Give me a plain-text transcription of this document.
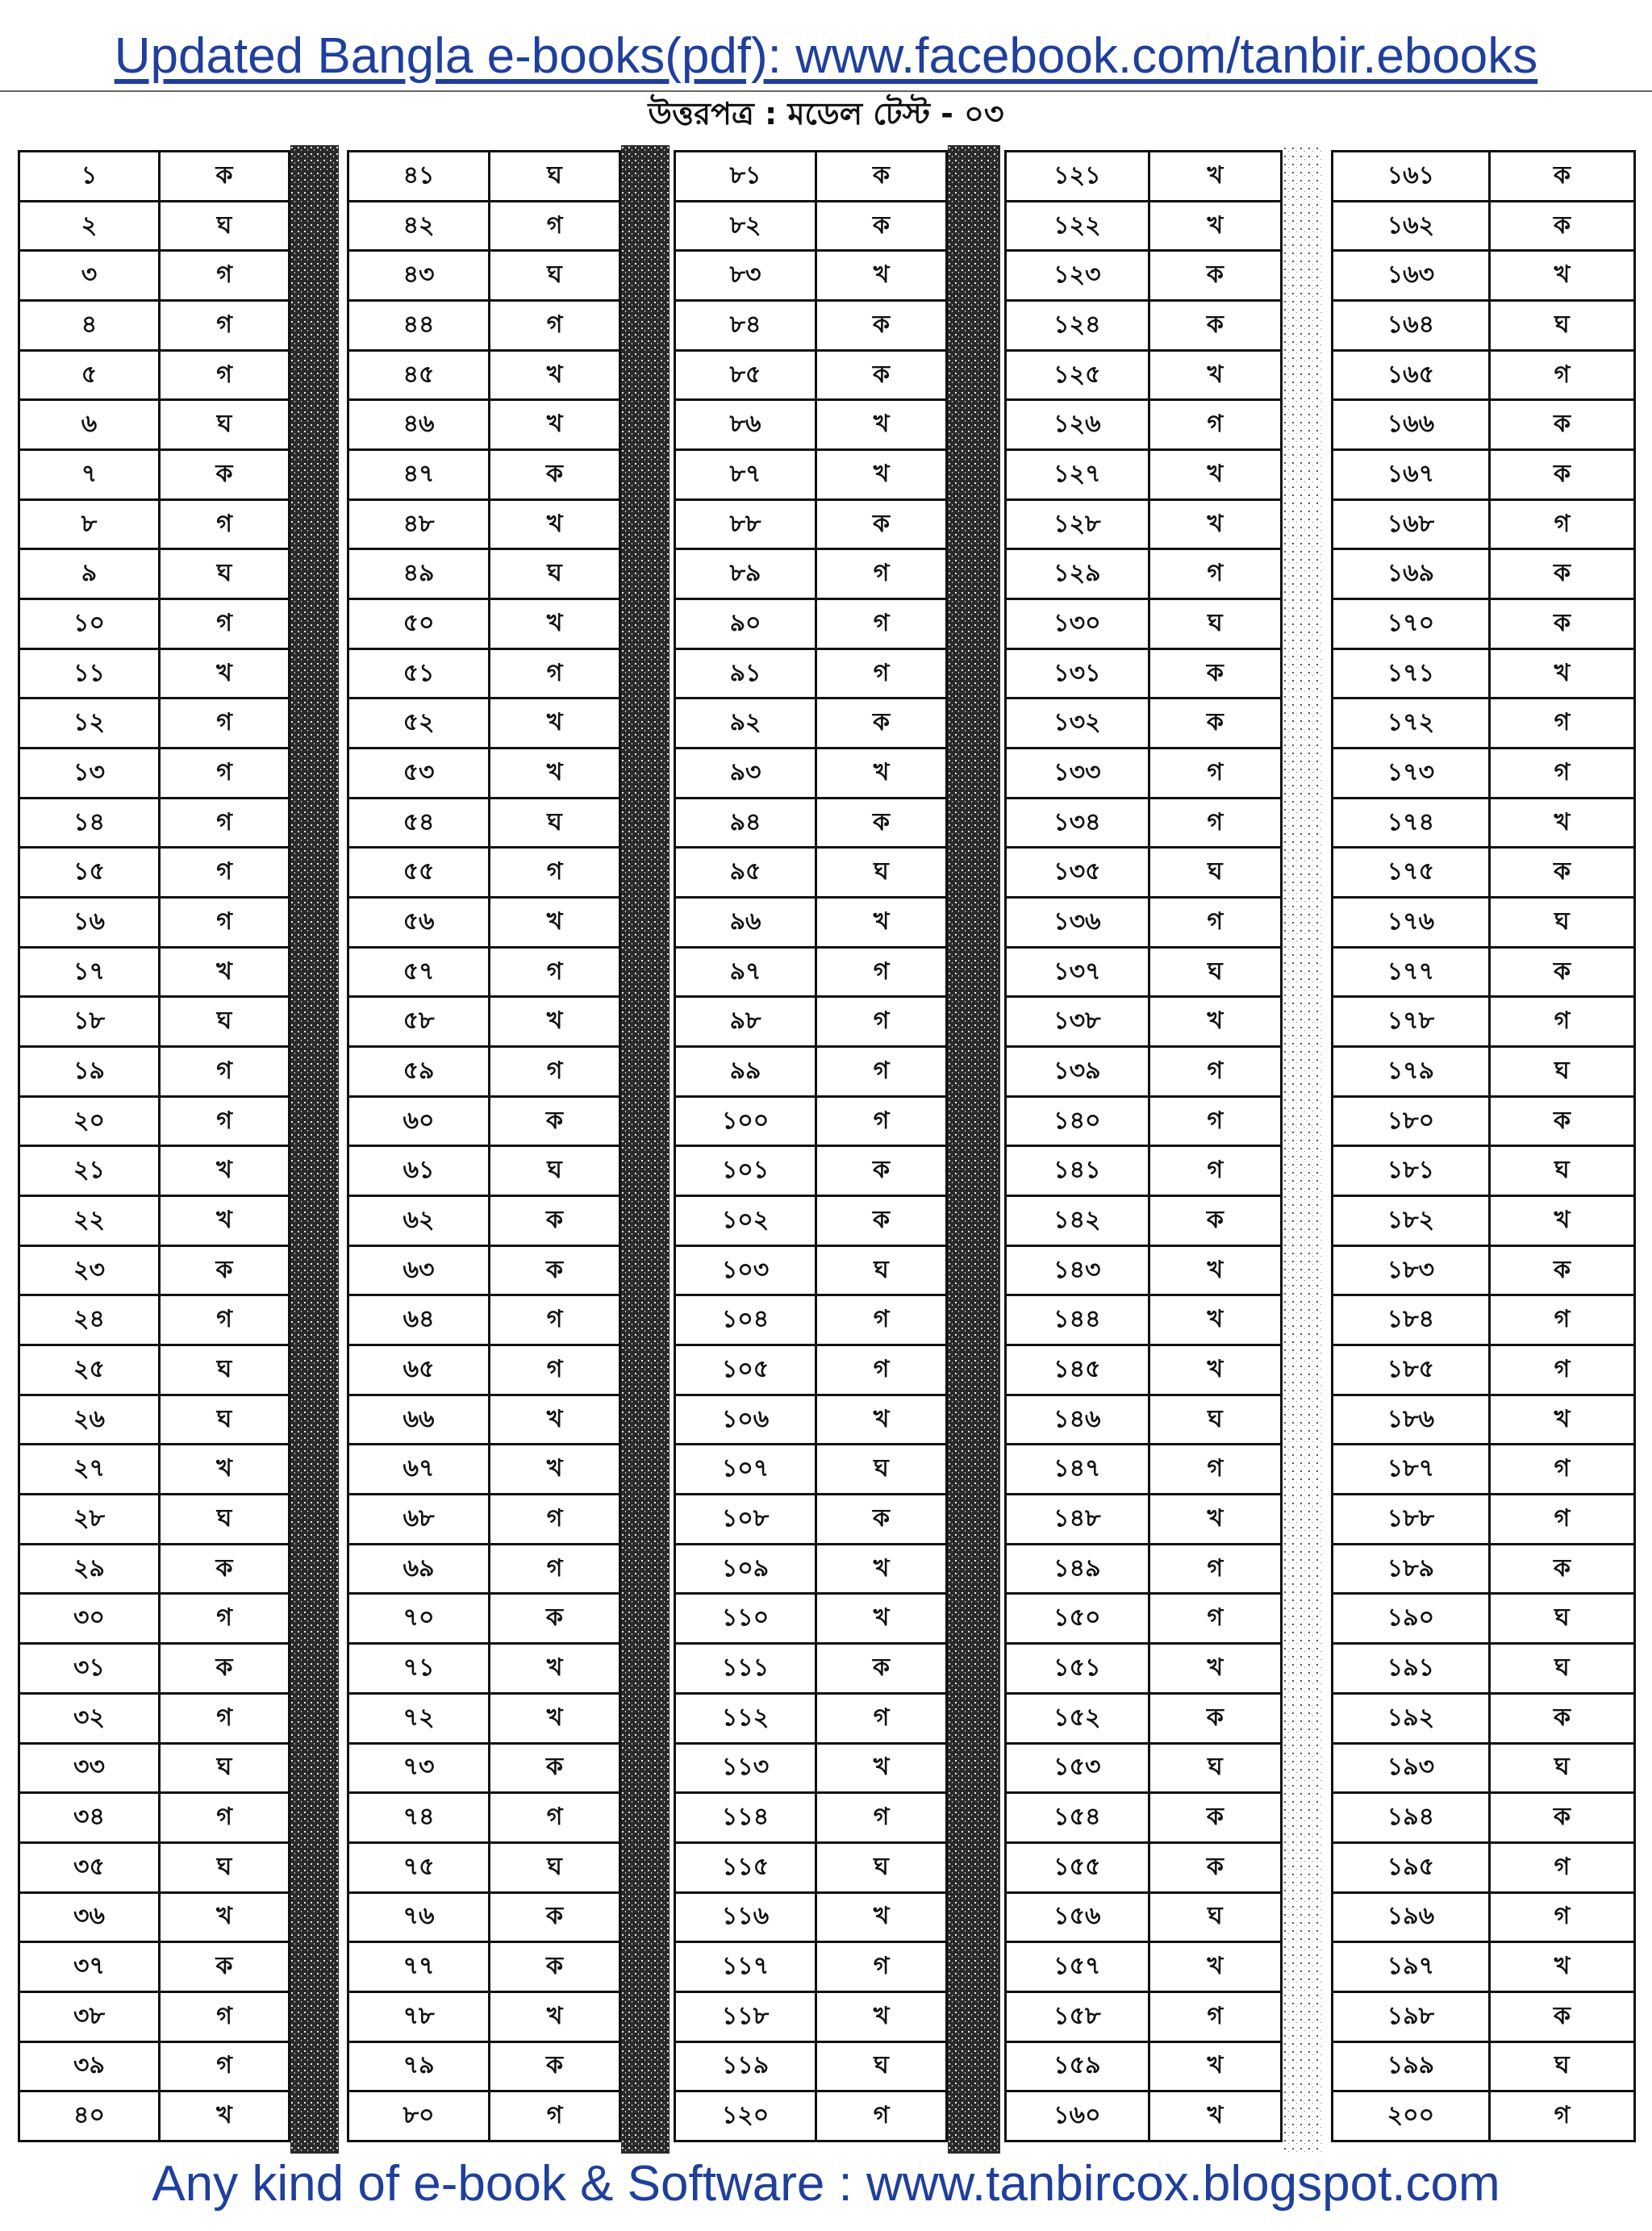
Updated Bangla e-books(pdf): www.facebook.com/tanbir.ebooks
উত্তরপত্র : মডেল টেস্ট - ০৩
১	ক
২	ঘ
৩	গ
৪	গ
৫	গ
৬	ঘ
৭	ক
৮	গ
৯	ঘ
১০	গ
১১	খ
১২	গ
১৩	গ
১৪	গ
১৫	গ
১৬	গ
১৭	খ
১৮	ঘ
১৯	গ
২০	গ
২১	খ
২২	খ
২৩	ক
২৪	গ
২৫	ঘ
২৬	ঘ
২৭	খ
২৮	ঘ
২৯	ক
৩০	গ
৩১	ক
৩২	গ
৩৩	ঘ
৩৪	গ
৩৫	ঘ
৩৬	খ
৩৭	ক
৩৮	গ
৩৯	গ
৪০	খ
৪১	ঘ
৪২	গ
৪৩	ঘ
৪৪	গ
৪৫	খ
৪৬	খ
৪৭	ক
৪৮	খ
৪৯	ঘ
৫০	খ
৫১	গ
৫২	খ
৫৩	খ
৫৪	ঘ
৫৫	গ
৫৬	খ
৫৭	গ
৫৮	খ
৫৯	গ
৬০	ক
৬১	ঘ
৬২	ক
৬৩	ক
৬৪	গ
৬৫	গ
৬৬	খ
৬৭	খ
৬৮	গ
৬৯	গ
৭০	ক
৭১	খ
৭২	খ
৭৩	ক
৭৪	গ
৭৫	ঘ
৭৬	ক
৭৭	ক
৭৮	খ
৭৯	ক
৮০	গ
৮১	ক
৮২	ক
৮৩	খ
৮৪	ক
৮৫	ক
৮৬	খ
৮৭	খ
৮৮	ক
৮৯	গ
৯০	গ
৯১	গ
৯২	ক
৯৩	খ
৯৪	ক
৯৫	ঘ
৯৬	খ
৯৭	গ
৯৮	গ
৯৯	গ
১০০	গ
১০১	ক
১০২	ক
১০৩	ঘ
১০৪	গ
১০৫	গ
১০৬	খ
১০৭	ঘ
১০৮	ক
১০৯	খ
১১০	খ
১১১	ক
১১২	গ
১১৩	খ
১১৪	গ
১১৫	ঘ
১১৬	খ
১১৭	গ
১১৮	খ
১১৯	ঘ
১২০	গ
১২১	খ
১২২	খ
১২৩	ক
১২৪	ক
১২৫	খ
১২৬	গ
১২৭	খ
১২৮	খ
১২৯	গ
১৩০	ঘ
১৩১	ক
১৩২	ক
১৩৩	গ
১৩৪	গ
১৩৫	ঘ
১৩৬	গ
১৩৭	ঘ
১৩৮	খ
১৩৯	গ
১৪০	গ
১৪১	গ
১৪২	ক
১৪৩	খ
১৪৪	খ
১৪৫	খ
১৪৬	ঘ
১৪৭	গ
১৪৮	খ
১৪৯	গ
১৫০	গ
১৫১	খ
১৫২	ক
১৫৩	ঘ
১৫৪	ক
১৫৫	ক
১৫৬	ঘ
১৫৭	খ
১৫৮	গ
১৫৯	খ
১৬০	খ
১৬১	ক
১৬২	ক
১৬৩	খ
১৬৪	ঘ
১৬৫	গ
১৬৬	ক
১৬৭	ক
১৬৮	গ
১৬৯	ক
১৭০	ক
১৭১	খ
১৭২	গ
১৭৩	গ
১৭৪	খ
১৭৫	ক
১৭৬	ঘ
১৭৭	ক
১৭৮	গ
১৭৯	ঘ
১৮০	ক
১৮১	ঘ
১৮২	খ
১৮৩	ক
১৮৪	গ
১৮৫	গ
১৮৬	খ
১৮৭	গ
১৮৮	গ
১৮৯	ক
১৯০	ঘ
১৯১	ঘ
১৯২	ক
১৯৩	ঘ
১৯৪	ক
১৯৫	গ
১৯৬	গ
১৯৭	খ
১৯৮	ক
১৯৯	ঘ
২০০	গ
Any kind of e-book & Software : www.tanbircox.blogspot.com
